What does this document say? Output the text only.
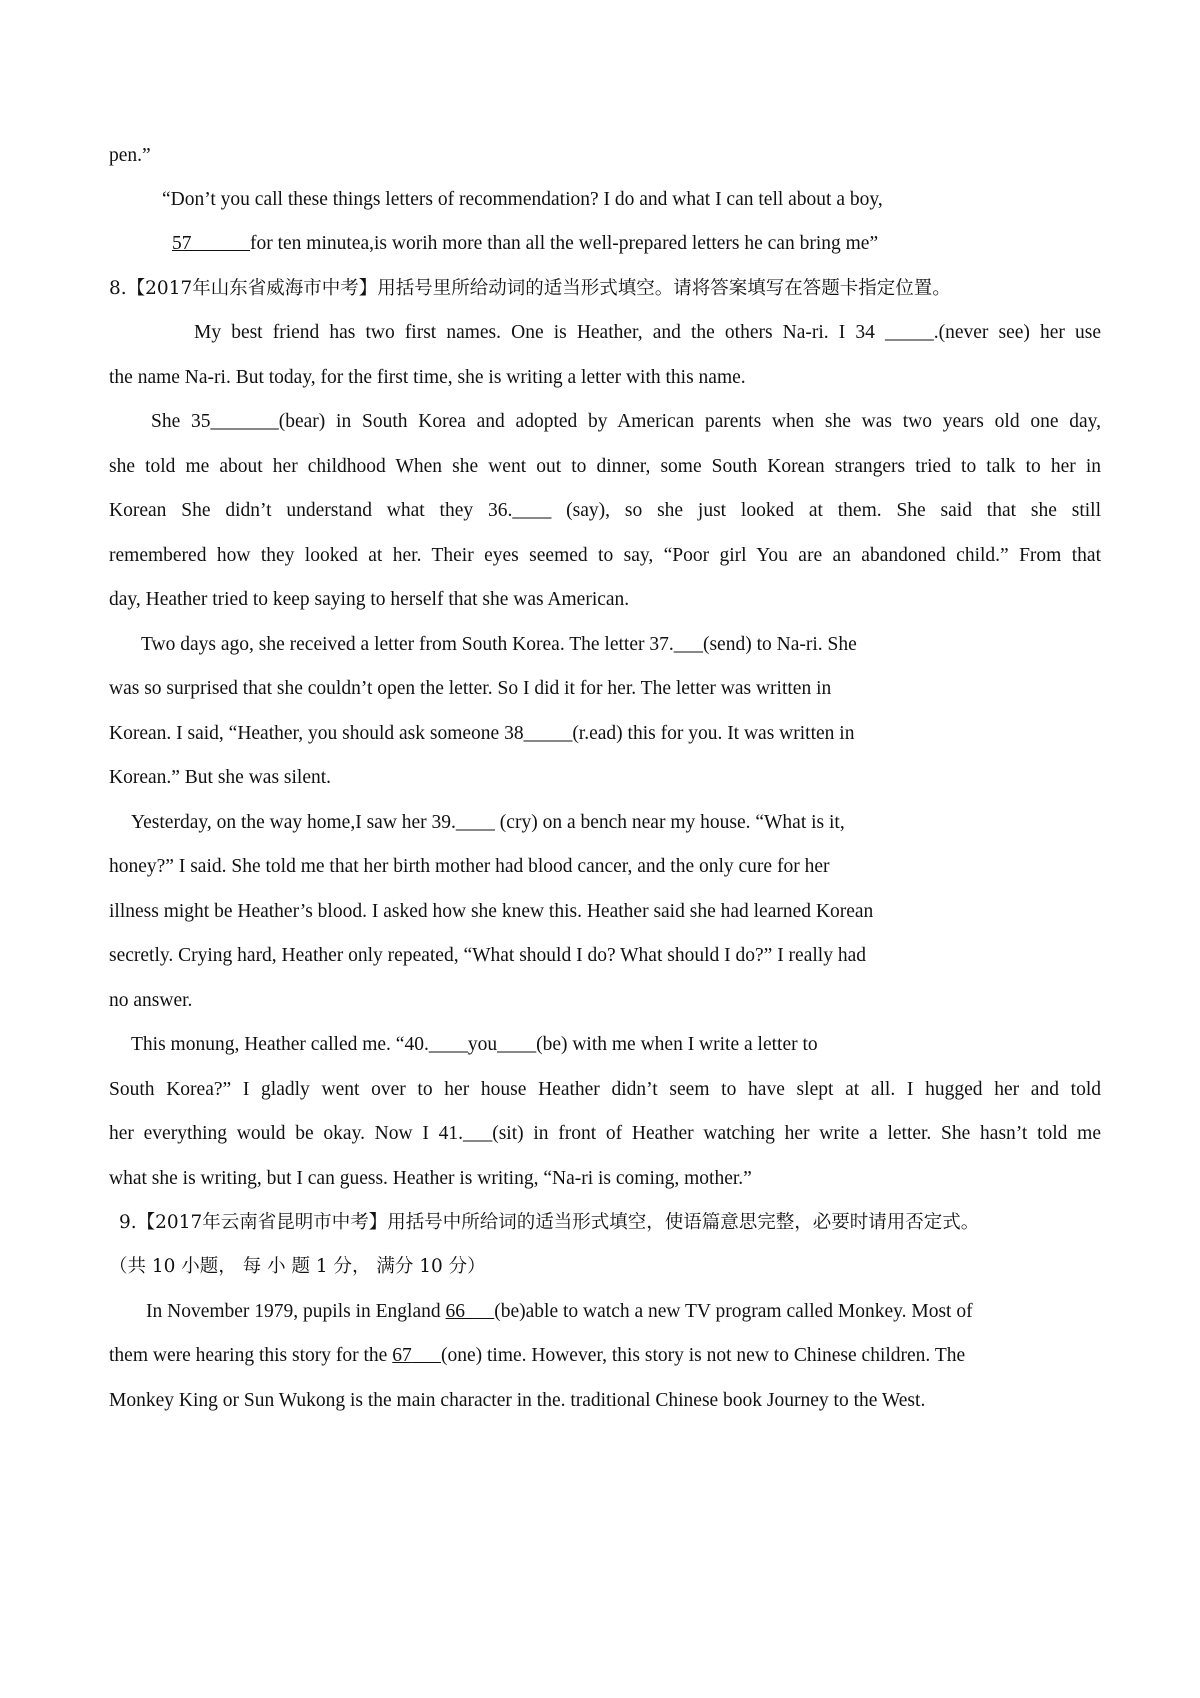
pen.”
“Don’t you call these things letters of recommendation? I do and what I can tell about a boy,
57	for ten minutea,is worih more than all the well-prepared letters he can bring me”
8.【2017年山东省威海市中考】用括号里所给动词的适当形式填空。请将答案填写在答题卡指定位置。
My best friend has two first names. One is Heather, and the others Na-ri. I 34 _____.(never see) her use
the name Na-ri. But today, for the first time, she is writing a letter with this name.
She 35_______(bear) in South Korea and adopted by American parents when she was two years old one day,
she told me about her childhood When she went out to dinner, some South Korean strangers tried to talk to her in
Korean She didn’t understand what they 36.____ (say), so she just looked at them. She said that she still
remembered how they looked at her. Their eyes seemed to say, “Poor girl You are an abandoned child.” From that
day, Heather tried to keep saying to herself that she was American.
Two days ago, she received a letter from South Korea. The letter 37.___(send) to Na-ri. She
was so surprised that she couldn’t open the letter. So I did it for her. The letter was written in
Korean. I said, “Heather, you should ask someone 38_____(r.ead) this for you. It was written in
Korean.” But she was silent.
Yesterday, on the way home,I saw her 39.____ (cry) on a bench near my house. “What is it,
honey?” I said. She told me that her birth mother had blood cancer, and the only cure for her
illness might be Heather’s blood. I asked how she knew this. Heather said she had learned Korean
secretly. Crying hard, Heather only repeated, “What should I do? What should I do?” I really had
no answer.
This monung, Heather called me. “40.____you____(be) with me when I write a letter to
South Korea?” I gladly went over to her house Heather didn’t seem to have slept at all. I hugged her and told
her everything would be okay. Now I 41.___(sit) in front of Heather watching her write a letter. She hasn’t told me
what she is writing, but I can guess. Heather is writing, “Na-ri is coming, mother.”
9.【2017年云南省昆明市中考】用括号中所给词的适当形式填空，使语篇意思完整，必要时请用否定式。
（共 10 小题， 每 小 题 1 分， 满分 10 分）
In November 1979, pupils in England 66 (be)able to watch a new TV program called Monkey. Most of
them were hearing this story for the 67 (one) time. However, this story is not new to Chinese children. The
Monkey King or Sun Wukong is the main character in the. traditional Chinese book Journey to the West.
